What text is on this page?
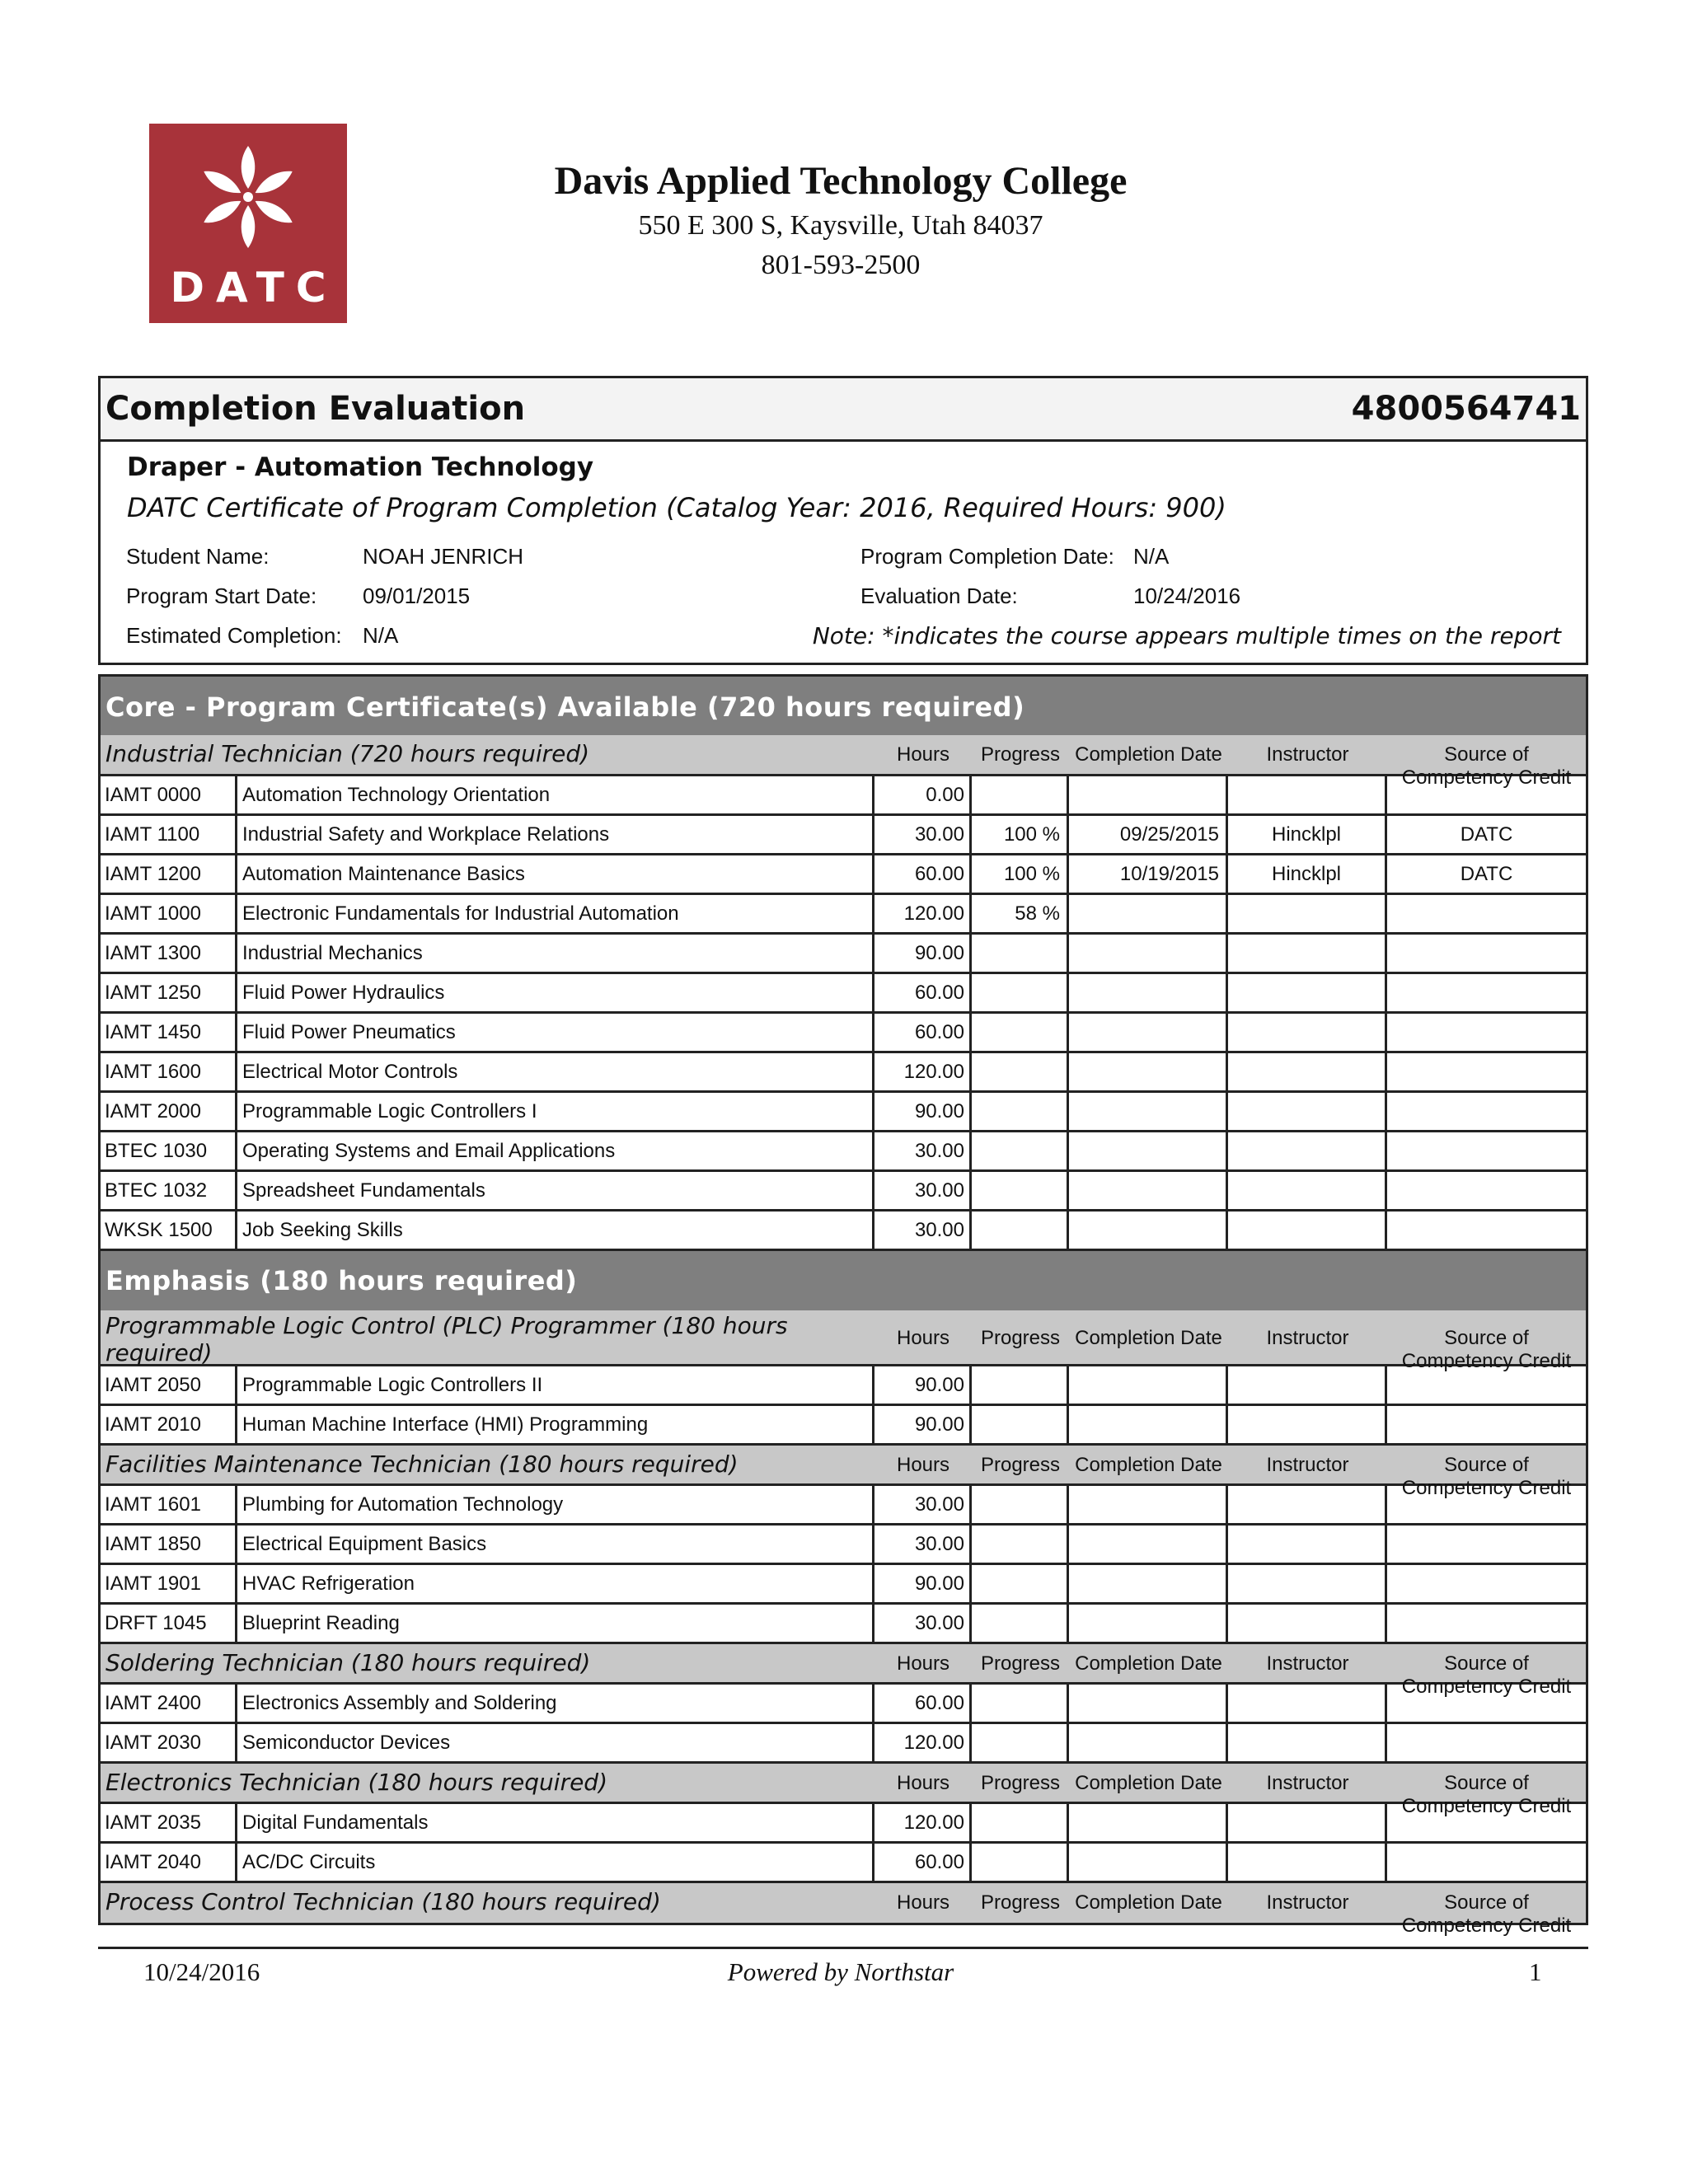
DATC
Davis Applied Technology College
550 E 300 S, Kaysville, Utah 84037
801-593-2500
Completion Evaluation	4800564741
Draper - Automation Technology
DATC Certificate of Program Completion (Catalog Year: 2016, Required Hours: 900)
Student Name:	NOAH JENRICH
Program Start Date: 09/01/2015
Estimated Completion: N/A
Program Completion Date: N/A
Evaluation Date:	10/24/2016
Note: *indicates the course appears multiple times on the report
Core - Program Certificate(s) Available (720 hours required)
Industrial Technician (720 hours required)	Hours	Progress Completion Date	Instructor	Source of Competency Credit
IAMT 0000	Automation Technology Orientation	0.00
IAMT 1100	Industrial Safety and Workplace Relations	30.00	100 %	09/25/2015	Hincklpl	DATC
IAMT 1200	Automation Maintenance Basics	60.00	100 %	10/19/2015	Hincklpl	DATC
IAMT 1000	Electronic Fundamentals for Industrial Automation	120.00	58 %
IAMT 1300	Industrial Mechanics	90.00
IAMT 1250	Fluid Power Hydraulics	60.00
IAMT 1450	Fluid Power Pneumatics	60.00
IAMT 1600	Electrical Motor Controls	120.00
IAMT 2000	Programmable Logic Controllers I	90.00
BTEC 1030	Operating Systems and Email Applications	30.00
BTEC 1032	Spreadsheet Fundamentals	30.00
WKSK 1500	Job Seeking Skills	30.00
Emphasis (180 hours required)
Programmable Logic Control (PLC) Programmer (180 hours required)
Hours	Progress Completion Date	Instructor	Source of Competency Credit
IAMT 2050	Programmable Logic Controllers II	90.00
IAMT 2010	Human Machine Interface (HMI) Programming	90.00
Facilities Maintenance Technician (180 hours required)	Hours	Progress Completion Date	Instructor	Source of Competency Credit
IAMT 1601	Plumbing for Automation Technology	30.00
IAMT 1850	Electrical Equipment Basics	30.00
IAMT 1901	HVAC Refrigeration	90.00
DRFT 1045	Blueprint Reading	30.00
Soldering Technician (180 hours required)	Hours	Progress Completion Date	Instructor	Source of Competency Credit
IAMT 2400	Electronics Assembly and Soldering	60.00
IAMT 2030	Semiconductor Devices	120.00
Electronics Technician (180 hours required)	Hours	Progress Completion Date	Instructor	Source of Competency Credit
IAMT 2035	Digital Fundamentals	120.00
IAMT 2040	AC/DC Circuits	60.00
Process Control Technician (180 hours required)	Hours	Progress Completion Date	Instructor	Source of Competency Credit
10/24/2016	Powered by Northstar	1
